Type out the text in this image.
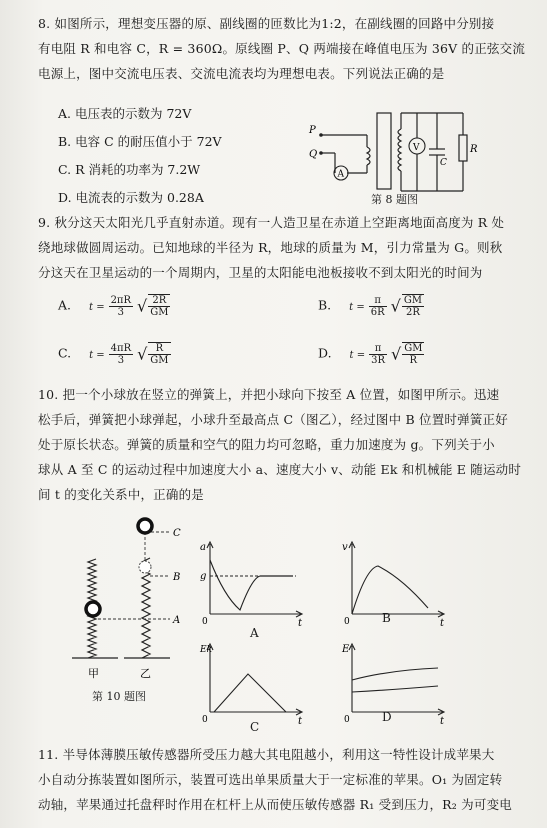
8. 如图所示，理想变压器的原、副线圈的匝数比为1:2，在副线圈的回路中分别接
有电阻 R 和电容 C，R = 360Ω。原线圈 P、Q 两端接在峰值电压为 36V 的正弦交流
电源上，图中交流电压表、交流电流表均为理想电表。下列说法正确的是
A. 电压表的示数为 72V
B. 电容 C 的耐压值小于 72V
C. R 消耗的功率为 7.2W
D. 电流表的示数为 0.28A
P
Q
A
V
C
R
第 8 题图
9. 秋分这天太阳光几乎直射赤道。现有一人造卫星在赤道上空距离地面高度为 R 处
绕地球做圆周运动。已知地球的半径为 R，地球的质量为 M，引力常量为 G。则秋
分这天在卫星运动的一个周期内，卫星的太阳能电池板接收不到太阳光的时间为
A. $t = \frac{2\pi R}{3}$ √ $\frac{2R}{GM}$	B. $t = \frac{\pi}{6R}$ √ $\frac{GM}{2R}$
C. $t = \frac{4\pi R}{3}$ √ $\frac{R}{GM}$	D. $t = \frac{\pi}{3R}$ √ $\frac{GM}{R}$
10. 把一个小球放在竖立的弹簧上，并把小球向下按至 A 位置，如图甲所示。迅速
松手后，弹簧把小球弹起，小球升至最高点 C（图乙），经过图中 B 位置时弹簧正好
处于原长状态。弹簧的质量和空气的阻力均可忽略，重力加速度为 g。下列关于小
球从 A 至 C 的运动过程中加速度大小 a、速度大小 v、动能 Ek 和机械能 E 随运动时
间 t 的变化关系中，正确的是
C
B
A
甲	乙
第 10 题图
a
g
0	t
A
v
0	t
B
Ek
0	t
C
E
0	t
D
11. 半导体薄膜压敏传感器所受压力越大其电阻越小，利用这一特性设计成苹果大
小自动分拣装置如图所示，装置可选出单果质量大于一定标准的苹果。O₁ 为固定转
动轴，苹果通过托盘秤时作用在杠杆上从而使压敏传感器 R₁ 受到压力，R₂ 为可变电
